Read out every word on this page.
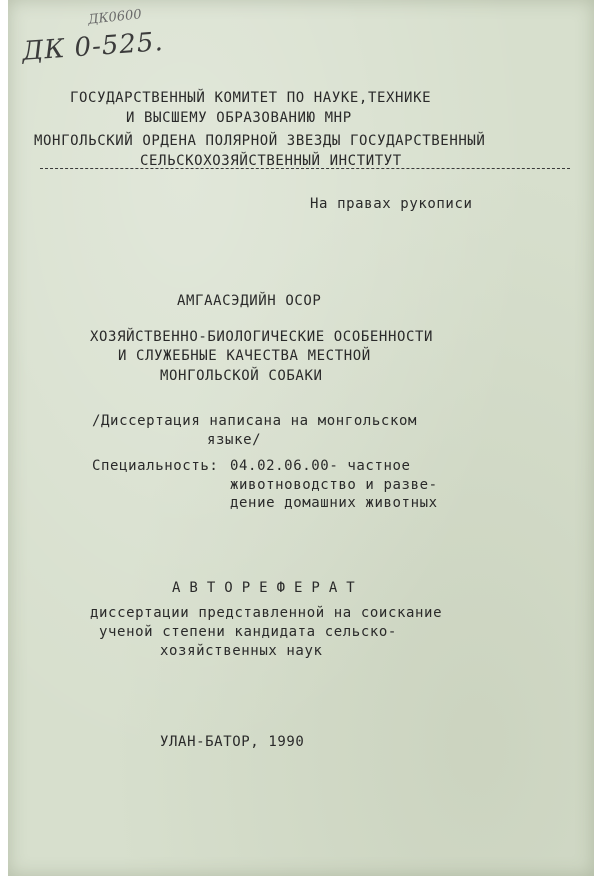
ДК0600
ДК 0-525.
ГОСУДАРСТВЕННЫЙ КОМИТЕТ ПО НАУКЕ,ТЕХНИКЕ
И ВЫСШЕМУ ОБРАЗОВАНИЮ МНР
МОНГОЛЬСКИЙ ОРДЕНА ПОЛЯРНОЙ ЗВЕЗДЫ ГОСУДАРСТВЕННЫЙ
СЕЛЬСКОХОЗЯЙСТВЕННЫЙ ИНСТИТУТ
На правах рукописи
АМГААСЭДИЙН ОСОР
ХОЗЯЙСТВЕННО-БИОЛОГИЧЕСКИЕ ОСОБЕННОСТИ
И СЛУЖЕБНЫЕ КАЧЕСТВА МЕСТНОЙ
МОНГОЛЬСКОЙ СОБАКИ
/Диссертация написана на монгольском
языке/
Специальность: 04.02.06.00- частное
животноводство и разве-
дение домашних животных
АВТОРЕФЕРАТ
диссертации представленной на соискание
ученой степени кандидата сельско-
хозяйственных наук
УЛАН-БАТОР, 1990
